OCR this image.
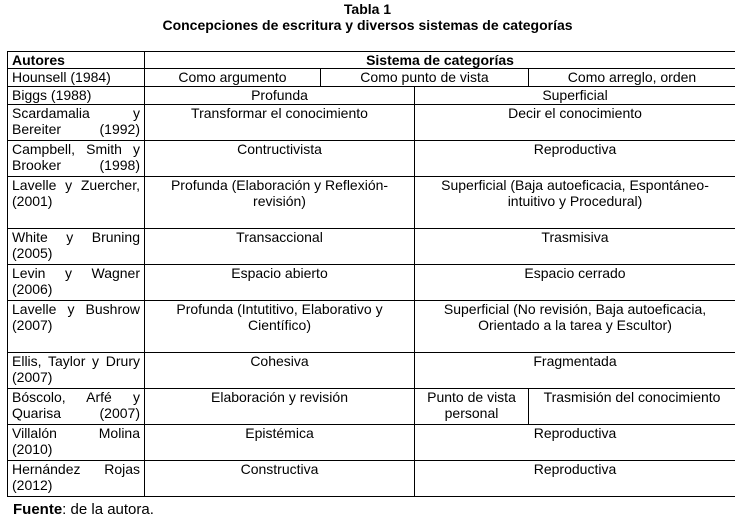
Tabla 1
Concepciones de escritura y diversos sistemas de categorías
Autores	Sistema de categorías			
Hounsell (1984)	Como argumento	Como punto de vista		Como arreglo, orden
Biggs (1988)	Profunda		Superficial	
Scardamalia y Bereiter (1992)	Transformar el conocimiento		Decir el conocimiento	
Campbell, Smith y Brooker (1998)	Contructivista		Reproductiva	
Lavelle y Zuercher, (2001)	Profunda (Elaboración y Reflexión-revisión)		Superficial (Baja autoeficacia, Espontáneo-intuitivo y Procedural)	
White y Bruning (2005)	Transaccional		Trasmisiva	
Levin y Wagner (2006)	Espacio abierto		Espacio cerrado	
Lavelle y Bushrow (2007)	Profunda (Intutitivo, Elaborativo y Científico)		Superficial (No revisión, Baja autoeficacia, Orientado a la tarea y Escultor)	
Ellis, Taylor y Drury (2007)	Cohesiva		Fragmentada	
Bóscolo, Arfé y Quarisa (2007)	Elaboración y revisión		Punto de vista personal	Trasmisión del conocimiento
Villalón Molina (2010)	Epistémica		Reproductiva	
Hernández Rojas (2012)	Constructiva		Reproductiva	
Fuente: de la autora.
